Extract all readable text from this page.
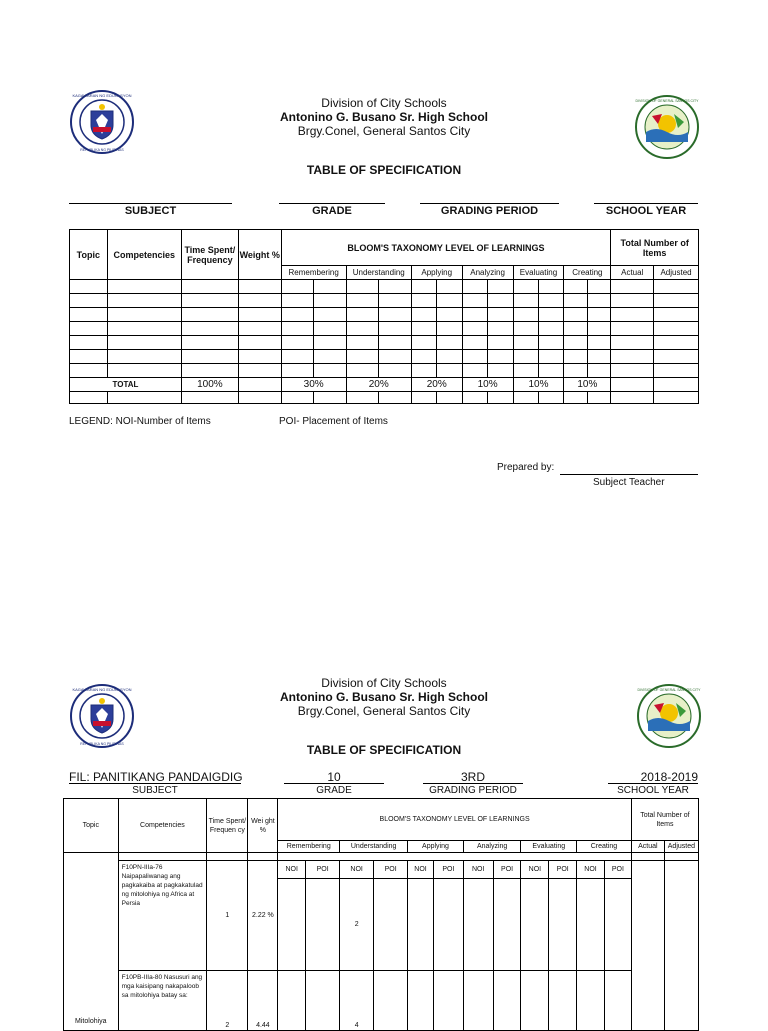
KAGAWARAN NG EDUKASYON
REPUBLIKA NG PILIPINAS
DIVISION OF GENERAL SANTOS CITY
Division of City Schools
Antonino G. Busano Sr. High School
Brgy.Conel, General Santos City
TABLE OF SPECIFICATION
SUBJECT	GRADE	GRADING PERIOD	SCHOOL YEAR
Topic	Competencies	Time Spent/ Frequency	Weight %	BLOOM'S TAXONOMY LEVEL OF LEARNINGS												Total Number of Items	
				Remembering		Understanding		Applying		Analyzing		Evaluating		Creating		Actual	Adjusted

TOTAL		100%		30%		20%		20%		10%		10%		10%			

LEGEND: NOI-Number of Items	POI- Placement of Items
Prepared by:
Subject Teacher
KAGAWARAN NG EDUKASYON
REPUBLIKA NG PILIPINAS
DIVISION OF GENERAL SANTOS CITY
Division of City Schools
Antonino G. Busano Sr. High School
Brgy.Conel, General Santos City
TABLE OF SPECIFICATION
FIL: PANITIKANG PANDAIGDIG	10	3RD	2018-2019
SUBJECT	GRADE	GRADING PERIOD	SCHOOL YEAR
Topic	Competencies	Time Spent/ Frequen cy	Wei ght %	BLOOM'S TAXONOMY LEVEL OF LEARNINGS												Total Number of Items	
				Remembering		Understanding		Applying		Analyzing		Evaluating		Creating		Actual	Adjusted
Mitolohiya																	
	F10PN-IIIa-76 Naipapaliwanag ang pagkakaiba at pagkakatulad ng mitolohiya ng Africa at Persia	1	2.22 %	NOI	POI	NOI	POI	NOI	POI	NOI	POI	NOI	POI	NOI	POI		
						2											
	F10PB-IIIa-80 Nasusuri ang mga kaisipang nakapaloob sa mitolohiya batay sa:	2	4.44			4											
